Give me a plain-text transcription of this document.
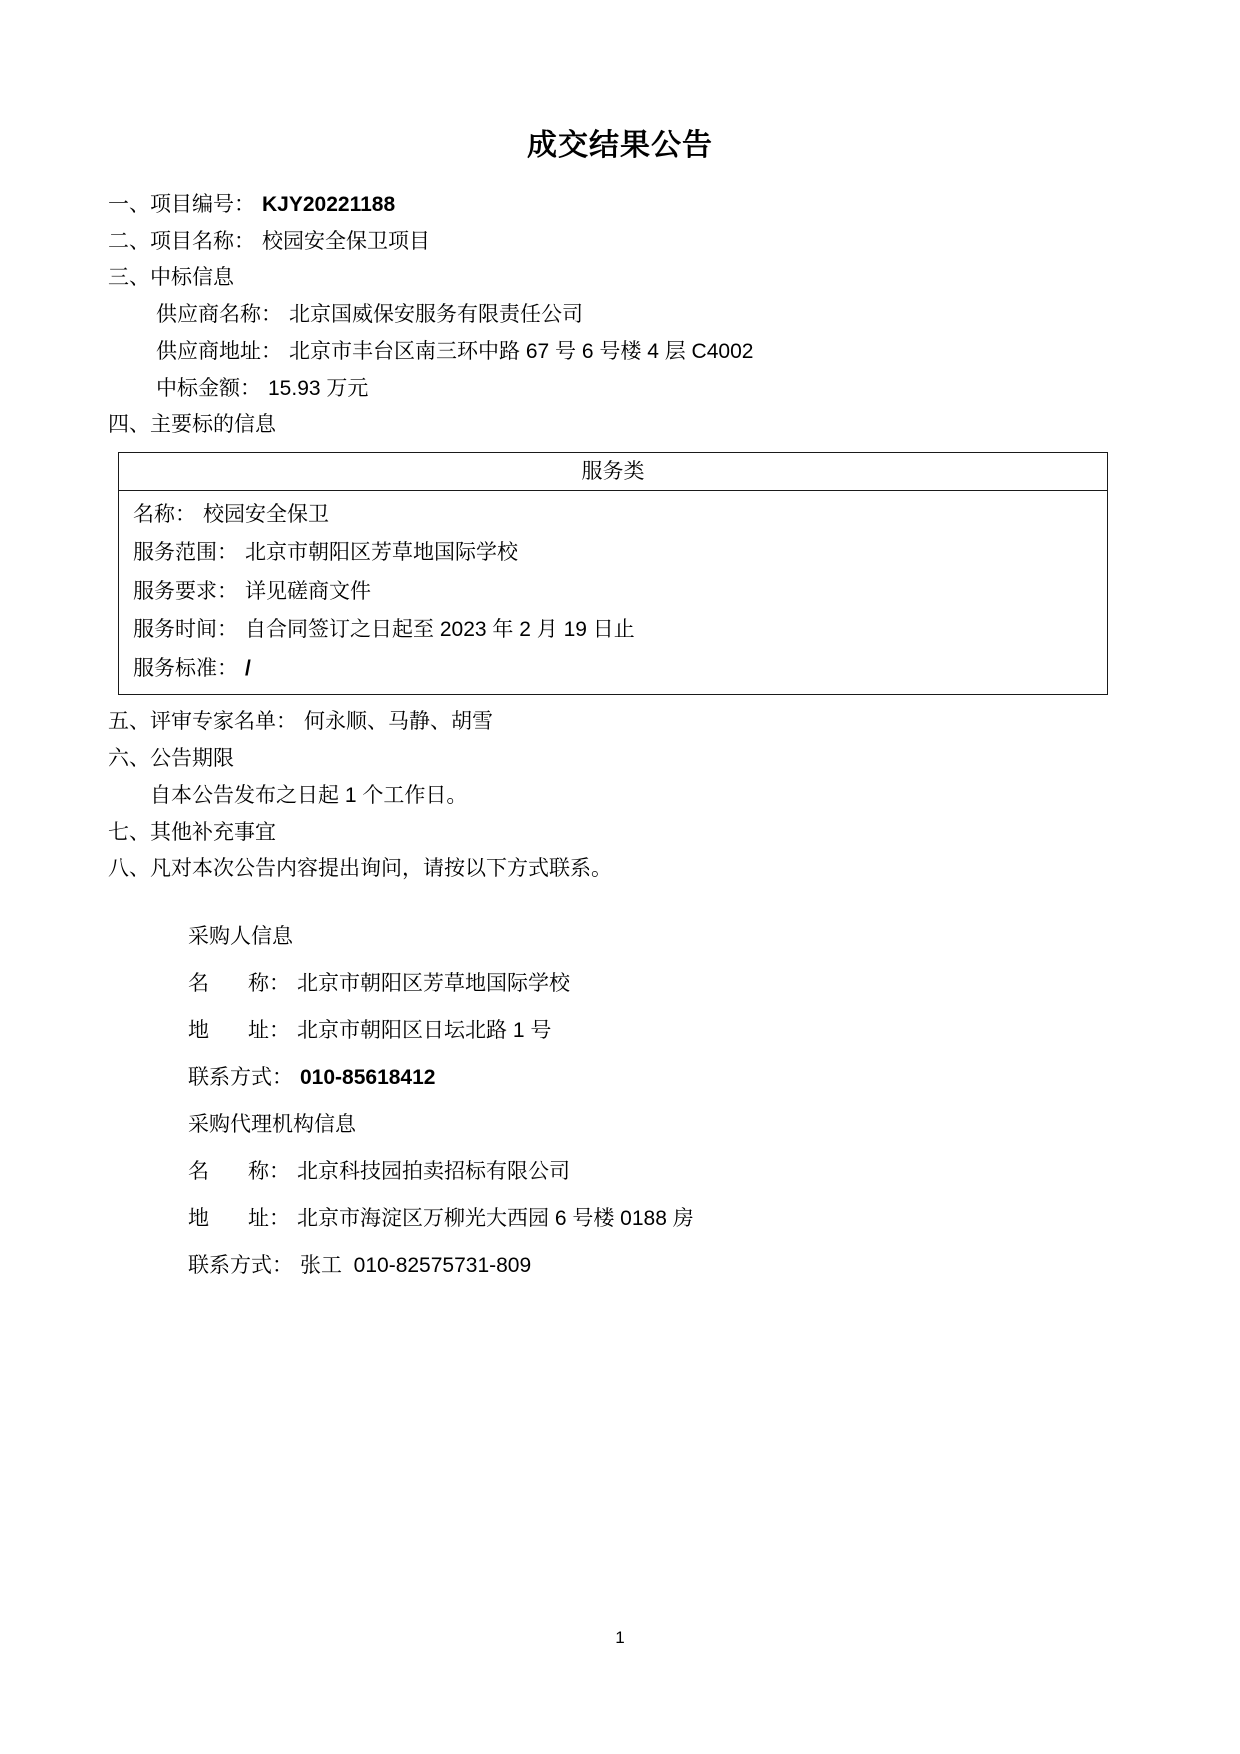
成交结果公告

一、项目编号： KJY20221188

二、项目名称： 校园安全保卫项目

三、中标信息

供应商名称： 北京国威保安服务有限责任公司

供应商地址： 北京市丰台区南三环中路 67 号 6 号楼 4 层 C4002

中标金额： 15.93 万元

四、主要标的信息

服务类

名称： 校园安全保卫

服务范围： 北京市朝阳区芳草地国际学校

服务要求： 详见磋商文件

服务时间： 自合同签订之日起至 2023 年 2 月 19 日止

服务标准： /

五、评审专家名单： 何永顺、马静、胡雪

六、公告期限

自本公告发布之日起 1 个工作日。

七、其他补充事宜

八、凡对本次公告内容提出询问，请按以下方式联系。

采购人信息

名 称： 北京市朝阳区芳草地国际学校

地 址： 北京市朝阳区日坛北路 1 号

联系方式： 010-85618412

采购代理机构信息

名 称： 北京科技园拍卖招标有限公司

地 址： 北京市海淀区万柳光大西园 6 号楼 0188 房

联系方式： 张工  010-82575731-809

1
